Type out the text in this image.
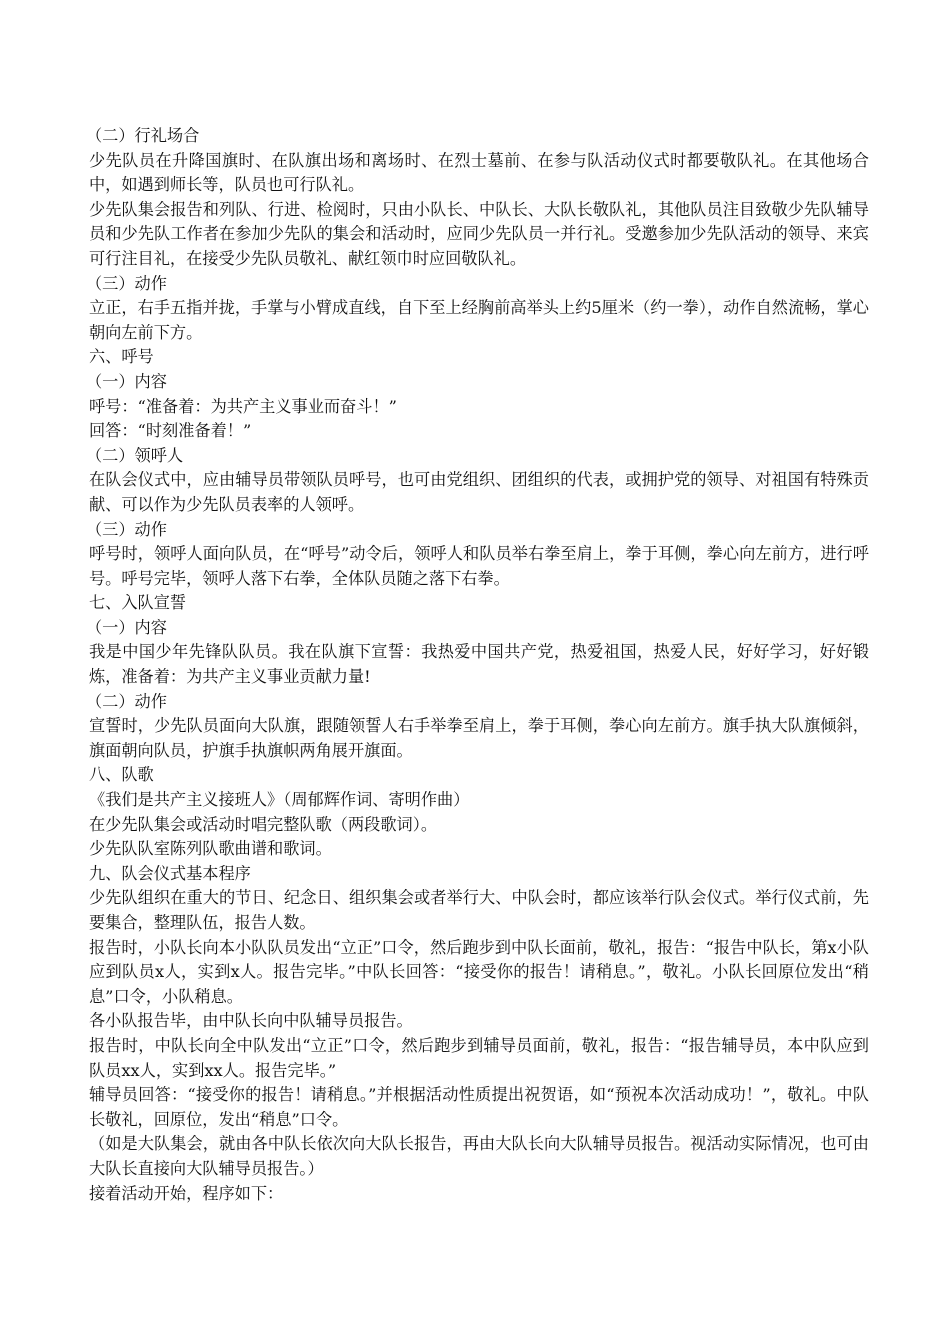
（二）行礼场合
少先队员在升降国旗时、在队旗出场和离场时、在烈士墓前、在参与队活动仪式时都要敬队礼。在其他场合中，如遇到师长等，队员也可行队礼。
少先队集会报告和列队、行进、检阅时，只由小队长、中队长、大队长敬队礼，其他队员注目致敬少先队辅导员和少先队工作者在参加少先队的集会和活动时，应同少先队员一并行礼。受邀参加少先队活动的领导、来宾可行注目礼，在接受少先队员敬礼、献红领巾时应回敬队礼。
（三）动作
立正，右手五指并拢，手掌与小臂成直线，自下至上经胸前高举头上约5厘米（约一拳），动作自然流畅，掌心朝向左前下方。
六、呼号
（一）内容
呼号：“准备着：为共产主义事业而奋斗！”
回答：“时刻准备着！”
（二）领呼人
在队会仪式中，应由辅导员带领队员呼号，也可由党组织、团组织的代表，或拥护党的领导、对祖国有特殊贡献、可以作为少先队员表率的人领呼。
（三）动作
呼号时，领呼人面向队员，在“呼号”动令后，领呼人和队员举右拳至肩上，拳于耳侧，拳心向左前方，进行呼号。呼号完毕，领呼人落下右拳，全体队员随之落下右拳。
七、入队宣誓
（一）内容
我是中国少年先锋队队员。我在队旗下宣誓：我热爱中国共产党，热爱祖国，热爱人民，好好学习，好好锻炼，准备着：为共产主义事业贡献力量!
（二）动作
宣誓时，少先队员面向大队旗，跟随领誓人右手举拳至肩上，拳于耳侧，拳心向左前方。旗手执大队旗倾斜，旗面朝向队员，护旗手执旗帜两角展开旗面。
八、队歌
《我们是共产主义接班人》（周郁辉作词、寄明作曲）
在少先队集会或活动时唱完整队歌（两段歌词）。
少先队队室陈列队歌曲谱和歌词。
九、队会仪式基本程序
少先队组织在重大的节日、纪念日、组织集会或者举行大、中队会时，都应该举行队会仪式。举行仪式前，先要集合，整理队伍，报告人数。
报告时，小队长向本小队队员发出“立正”口令，然后跑步到中队长面前，敬礼，报告：“报告中队长，第x小队应到队员x人，实到x人。报告完毕。”中队长回答：“接受你的报告！请稍息。”，敬礼。小队长回原位发出“稍息”口令，小队稍息。
各小队报告毕，由中队长向中队辅导员报告。
报告时，中队长向全中队发出“立正”口令，然后跑步到辅导员面前，敬礼，报告：“报告辅导员，本中队应到队员xx人，实到xx人。报告完毕。”
辅导员回答：“接受你的报告！请稍息。”并根据活动性质提出祝贺语，如“预祝本次活动成功！”，敬礼。中队长敬礼，回原位，发出“稍息”口令。
（如是大队集会，就由各中队长依次向大队长报告，再由大队长向大队辅导员报告。视活动实际情况，也可由大队长直接向大队辅导员报告。）
接着活动开始，程序如下：
